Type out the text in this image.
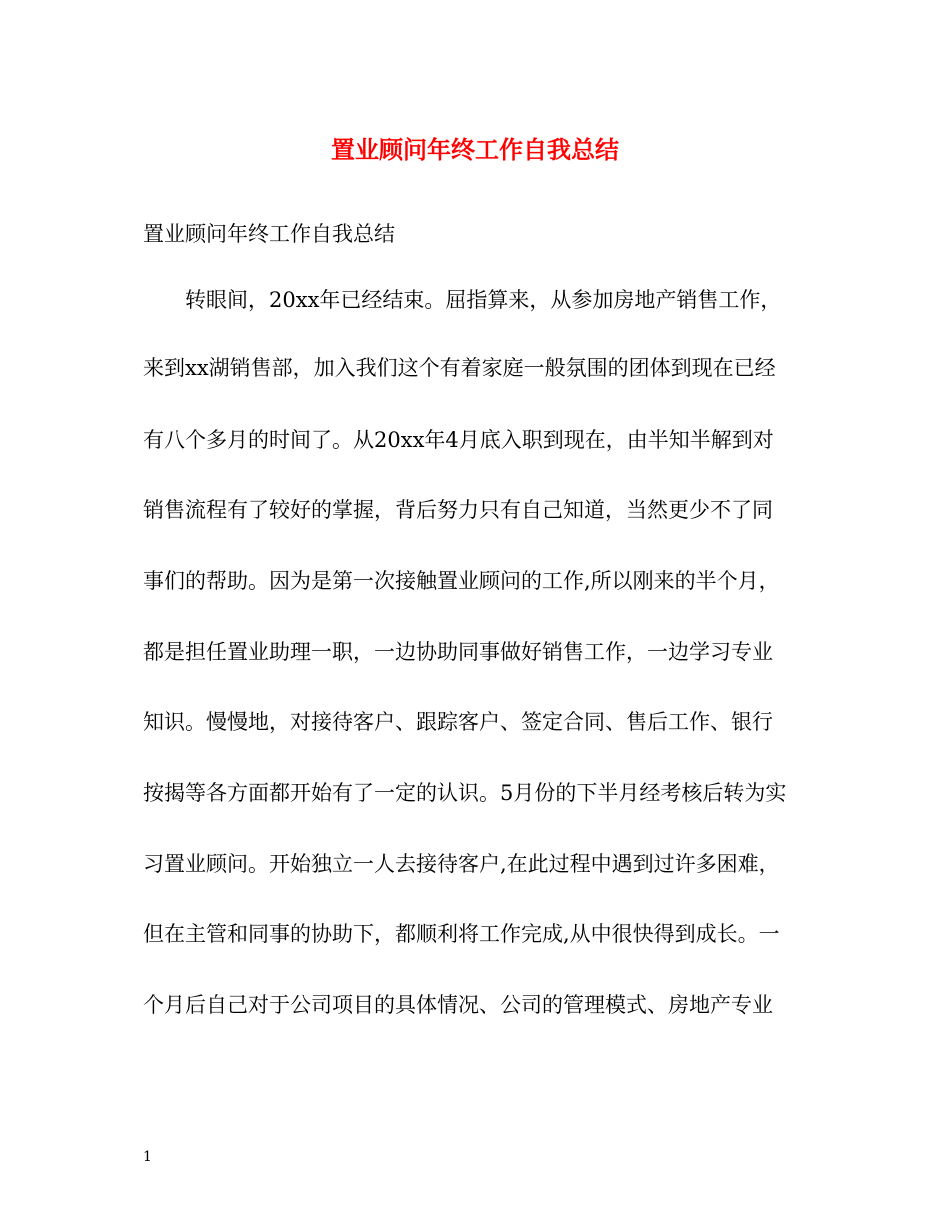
置业顾问年终工作自我总结
置业顾问年终工作自我总结
　　转眼间，20xx年已经结束。屈指算来，从参加房地产销售工作，
来到xx湖销售部，加入我们这个有着家庭一般氛围的团体到现在已经
有八个多月的时间了。从20xx年4月底入职到现在，由半知半解到对
销售流程有了较好的掌握，背后努力只有自己知道，当然更少不了同
事们的帮助。因为是第一次接触置业顾问的工作,所以刚来的半个月，
都是担任置业助理一职，一边协助同事做好销售工作，一边学习专业
知识。慢慢地，对接待客户、跟踪客户、签定合同、售后工作、银行
按揭等各方面都开始有了一定的认识。5月份的下半月经考核后转为实
习置业顾问。开始独立一人去接待客户,在此过程中遇到过许多困难，
但在主管和同事的协助下，都顺利将工作完成,从中很快得到成长。一
个月后自己对于公司项目的具体情况、公司的管理模式、房地产专业
1
